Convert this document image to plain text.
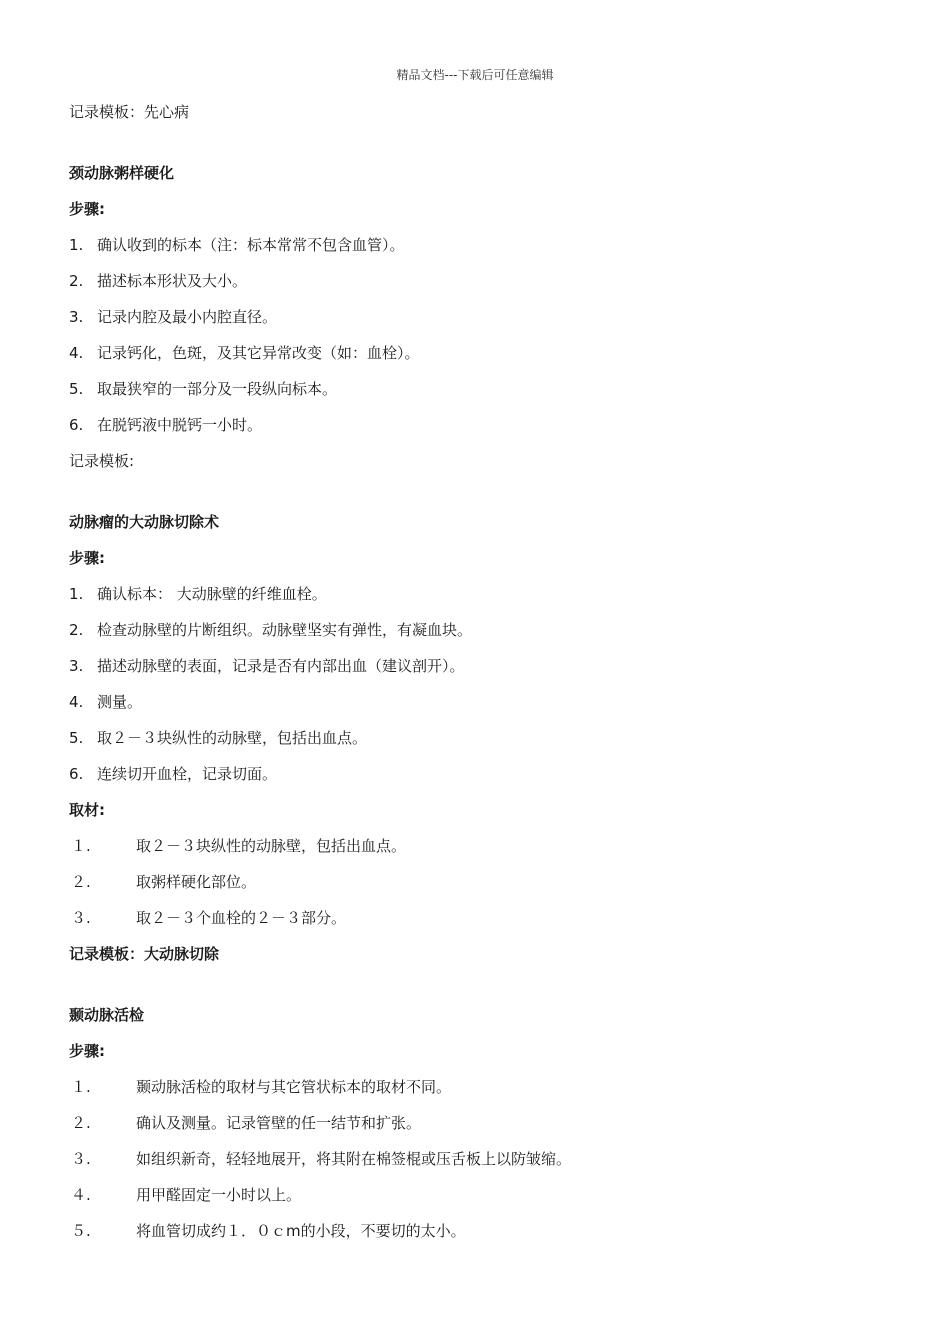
精品文档---下载后可任意编辑
记录模板：先心病
颈动脉粥样硬化
步骤:
1. 确认收到的标本（注：标本常常不包含血管）。
2. 描述标本形状及大小。
3. 记录内腔及最小内腔直径。
4. 记录钙化，色斑，及其它异常改变（如：血栓）。
5. 取最狭窄的一部分及一段纵向标本。
6. 在脱钙液中脱钙一小时。
记录模板:
动脉瘤的大动脉切除术
步骤:
1. 确认标本： 大动脉壁的纤维血栓。
2. 检查动脉壁的片断组织。动脉壁坚实有弹性，有凝血块。
3. 描述动脉壁的表面，记录是否有内部出血（建议剖开）。
4. 测量。
5. 取２－３块纵性的动脉壁，包括出血点。
6. 连续切开血栓，记录切面。
取材:
１.	取２－３块纵性的动脉壁，包括出血点。
２.	取粥样硬化部位。
３.	取２－３个血栓的２－３部分。
记录模板：大动脉切除
颞动脉活检
步骤:
１.	颞动脉活检的取材与其它管状标本的取材不同。
２.	确认及测量。记录管壁的任一结节和扩张。
３.	如组织新奇，轻轻地展开，将其附在棉签棍或压舌板上以防皱缩。
４.	用甲醛固定一小时以上。
５.	将血管切成约１．０ｃm的小段，不要切的太小。
